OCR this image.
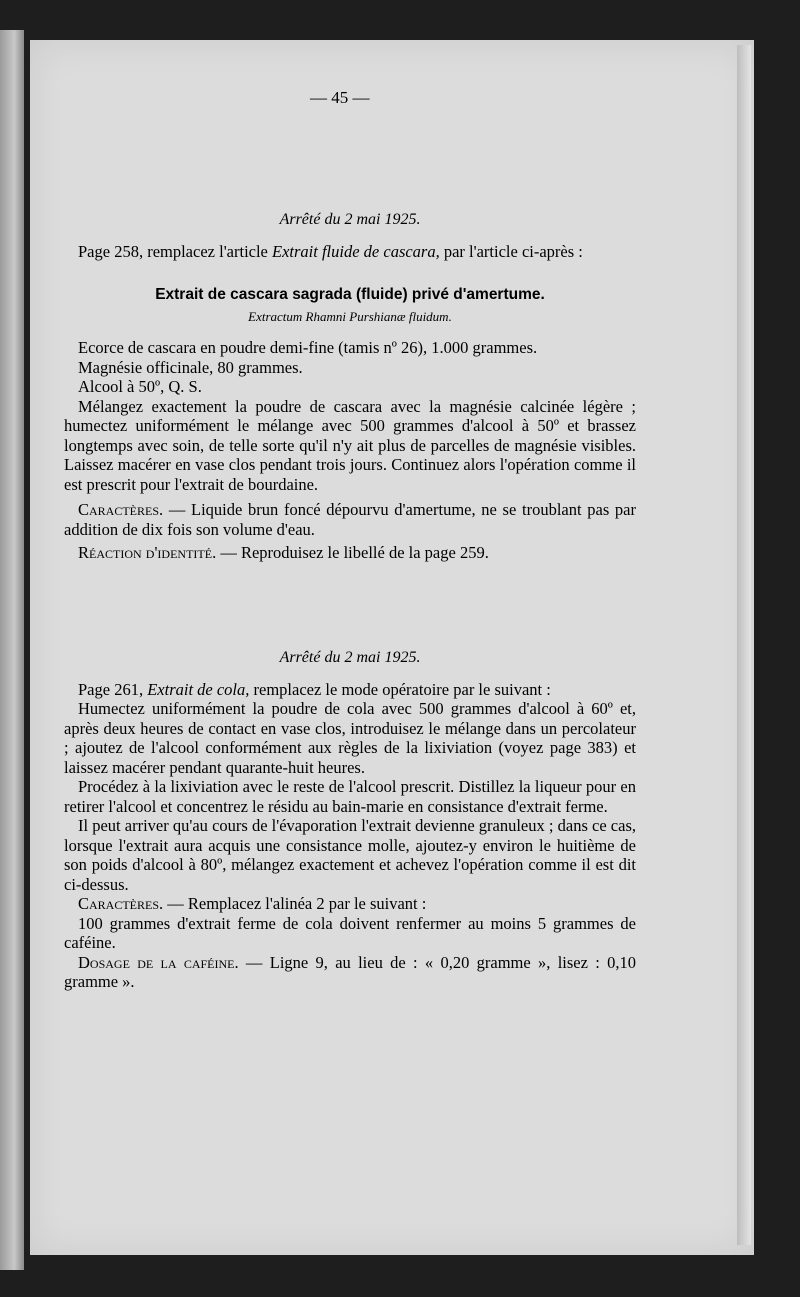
— 45 —
Arrêté du 2 mai 1925.

Page 258, remplacez l'article Extrait fluide de cascara, par l'article ci-après :

Extrait de cascara sagrada (fluide) privé d'amertume.
Extractum Rhamni Purshianæ fluidum.

Ecorce de cascara en poudre demi-fine (tamis nº 26), 1.000 grammes.

Magnésie officinale, 80 grammes.

Alcool à 50º, Q. S.

Mélangez exactement la poudre de cascara avec la magnésie calcinée légère ; humectez uniformément le mélange avec 500 grammes d'alcool à 50º et brassez longtemps avec soin, de telle sorte qu'il n'y ait plus de parcelles de magnésie visibles. Laissez macérer en vase clos pendant trois jours. Continuez alors l'opération comme il est prescrit pour l'extrait de bourdaine.

Caractères. — Liquide brun foncé dépourvu d'amertume, ne se troublant pas par addition de dix fois son volume d'eau.

Réaction d'identité. — Reproduisez le libellé de la page 259.

Arrêté du 2 mai 1925.

Page 261, Extrait de cola, remplacez le mode opératoire par le suivant :

Humectez uniformément la poudre de cola avec 500 grammes d'alcool à 60º et, après deux heures de contact en vase clos, introduisez le mélange dans un percolateur ; ajoutez de l'alcool conformément aux règles de la lixiviation (voyez page 383) et laissez macérer pendant quarante-huit heures.

Procédez à la lixiviation avec le reste de l'alcool prescrit. Distillez la liqueur pour en retirer l'alcool et concentrez le résidu au bain-marie en consistance d'extrait ferme.

Il peut arriver qu'au cours de l'évaporation l'extrait devienne granuleux ; dans ce cas, lorsque l'extrait aura acquis une consistance molle, ajoutez-y environ le huitième de son poids d'alcool à 80º, mélangez exactement et achevez l'opération comme il est dit ci-dessus.

Caractères. — Remplacez l'alinéa 2 par le suivant :

100 grammes d'extrait ferme de cola doivent renfermer au moins 5 grammes de caféine.

Dosage de la caféine. — Ligne 9, au lieu de : « 0,20 gramme », lisez : 0,10 gramme ».
